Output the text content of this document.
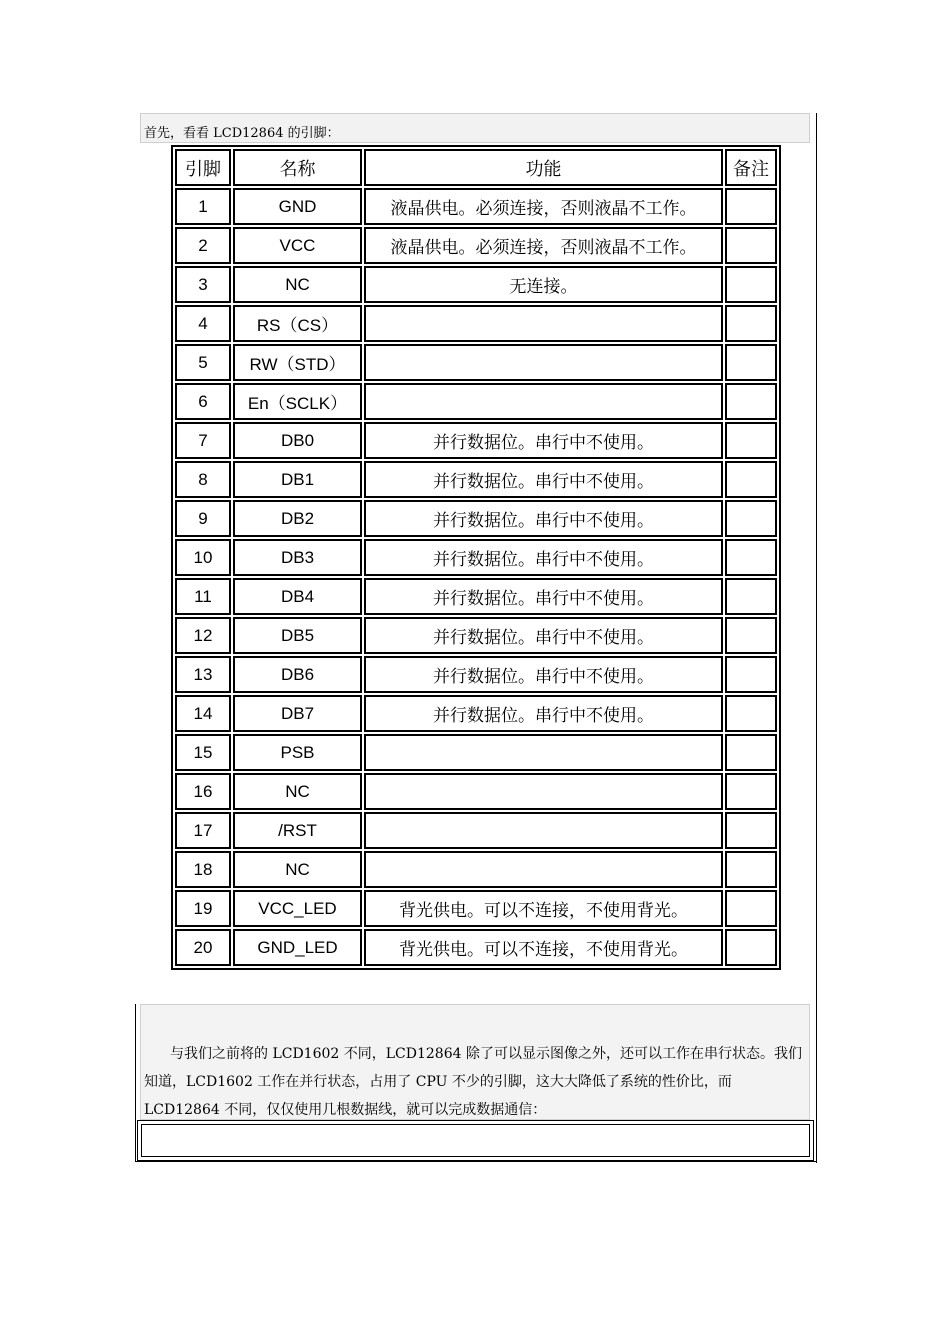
首先，看看 LCD12864 的引脚：
引脚	名称	功能	备注
1	GND	液晶供电。必须连接，否则液晶不工作。	
2	VCC	液晶供电。必须连接，否则液晶不工作。	
3	NC	无连接。	
4	RS（CS）		
5	RW（STD）		
6	En（SCLK）		
7	DB0	并行数据位。串行中不使用。	
8	DB1	并行数据位。串行中不使用。	
9	DB2	并行数据位。串行中不使用。	
10	DB3	并行数据位。串行中不使用。	
11	DB4	并行数据位。串行中不使用。	
12	DB5	并行数据位。串行中不使用。	
13	DB6	并行数据位。串行中不使用。	
14	DB7	并行数据位。串行中不使用。	
15	PSB		
16	NC		
17	/RST		
18	NC		
19	VCC_LED	背光供电。可以不连接，不使用背光。	
20	GND_LED	背光供电。可以不连接，不使用背光。	

与我们之前将的 LCD1602 不同，LCD12864 除了可以显示图像之外，还可以工作在串行状态。我们知道，LCD1602 工作在并行状态，占用了 CPU 不少的引脚，这大大降低了系统的性价比，而 LCD12864 不同，仅仅使用几根数据线，就可以完成数据通信：
